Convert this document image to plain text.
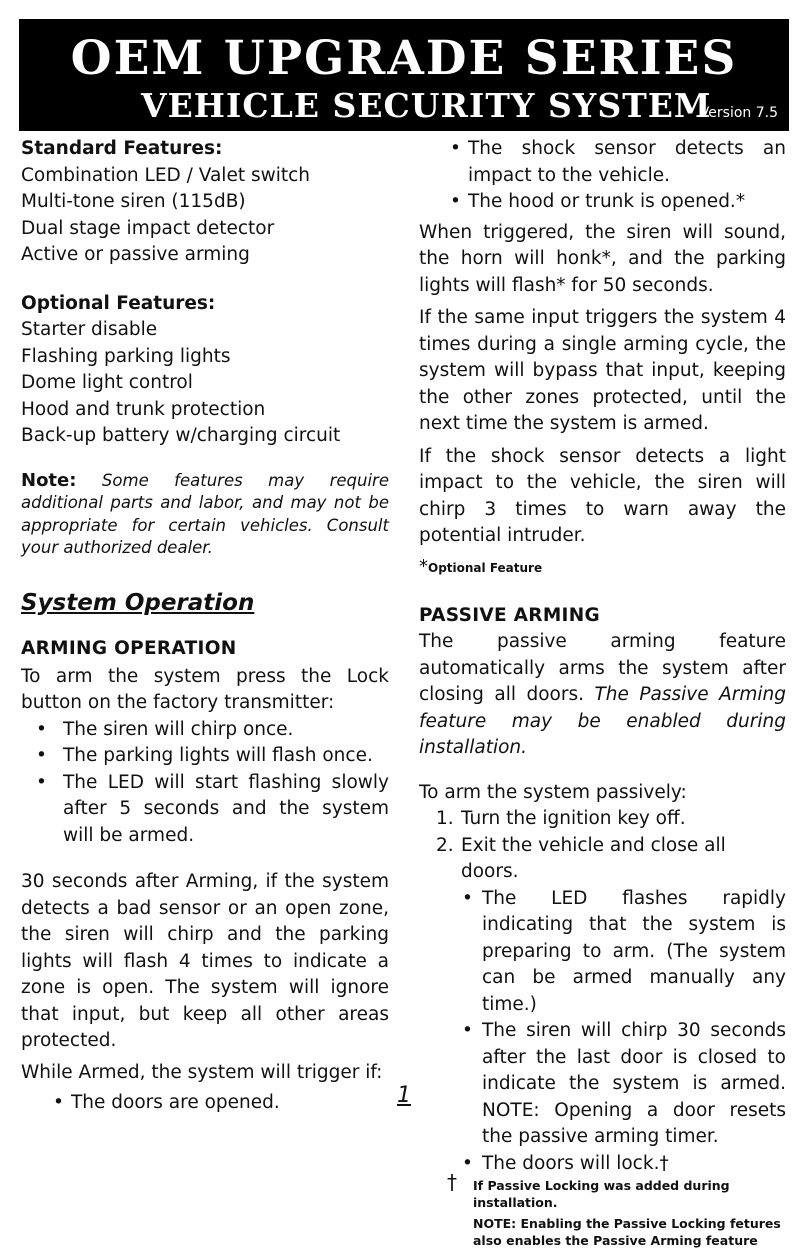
OEM UPGRADE SERIES
VEHICLE SECURITY SYSTEM
Version 7.5
Standard Features:
Combination LED / Valet switch
Multi-tone siren (115dB)
Dual stage impact detector
Active or passive arming
Optional Features:
Starter disable
Flashing parking lights
Dome light control
Hood and trunk protection
Back-up battery w/charging circuit
Note: Some features may require additional parts and labor, and may not be appropriate for certain vehicles. Consult your authorized dealer.
System Operation
ARMING OPERATION
To arm the system press the Lock button on the factory transmitter:
• The siren will chirp once.
• The parking lights will flash once.
• The LED will start flashing slowly after 5 seconds and the system will be armed.
30 seconds after Arming, if the system detects a bad sensor or an open zone, the siren will chirp and the parking lights will flash 4 times to indicate a zone is open. The system will ignore that input, but keep all other areas protected.
While Armed, the system will trigger if:
• The doors are opened.
• The shock sensor detects an impact to the vehicle.
• The hood or trunk is opened.*
When triggered, the siren will sound, the horn will honk*, and the parking lights will flash* for 50 seconds.
If the same input triggers the system 4 times during a single arming cycle, the system will bypass that input, keeping the other zones protected, until the next time the system is armed.
If the shock sensor detects a light impact to the vehicle, the siren will chirp 3 times to warn away the potential intruder.
*Optional Feature
PASSIVE ARMING
The passive arming feature automatically arms the system after closing all doors. The Passive Arming feature may be enabled during installation.
To arm the system passively:
1. Turn the ignition key off.
2. Exit the vehicle and close all doors.
• The LED flashes rapidly indicating that the system is preparing to arm. (The system can be armed manually any time.)
• The siren will chirp 30 seconds after the last door is closed to indicate the system is armed. NOTE: Opening a door resets the passive arming timer.
• The doors will lock.†
† If Passive Locking was added during installation.
NOTE: Enabling the Passive Locking fetures also enables the Passive Arming feature
1
